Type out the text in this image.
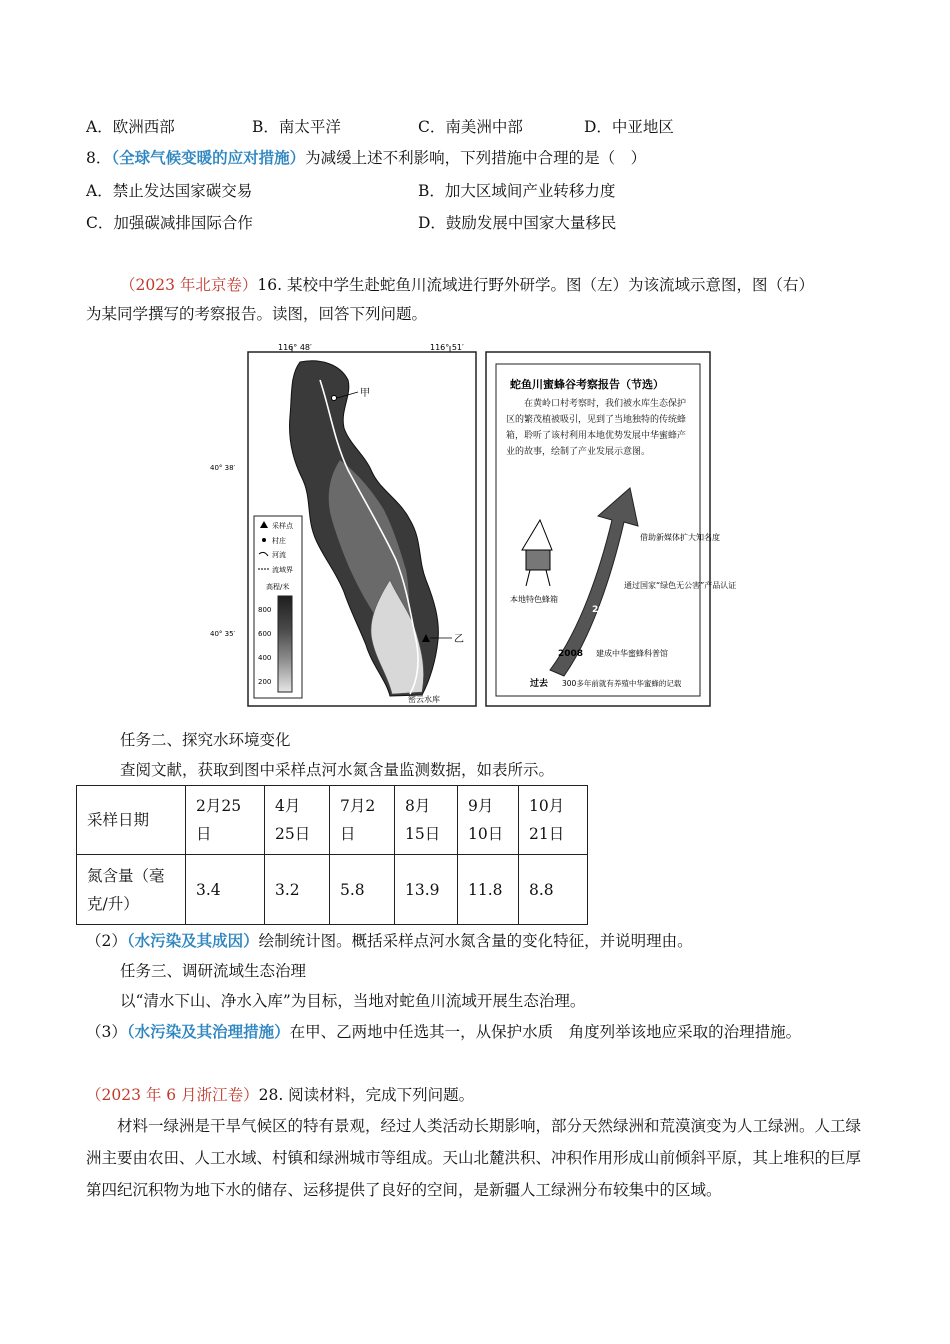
A．欧洲西部	B．南太平洋	C．南美洲中部	D．中亚地区
8．（全球气候变暖的应对措施）为减缓上述不利影响，下列措施中合理的是（　）
A．禁止发达国家碳交易	B．加大区域间产业转移力度
C．加强碳减排国际合作	D．鼓励发展中国家大量移民
（2023 年北京卷）16. 某校中学生赴蛇鱼川流域进行野外研学。图（左）为该流域示意图，图（右）
为某同学撰写的考察报告。读图，回答下列问题。
116° 48′	116° 51′
40° 38′
40° 35′
甲
乙
密云水库
采样点
村庄
河流
流域界
高程/米
800
600
400
200
蛇鱼川蜜蜂谷考察报告（节选）
在黄岭口村考察时，我们被水库生态保护区的繁茂植被吸引，见到了当地独特的传统蜂箱，聆听了该村利用本地优势发展中华蜜蜂产业的故事，绘制了产业发展示意图。
本地特色蜂箱
借助新媒体扩大知名度
通过国家“绿色无公害”产品认证
2017
2008 建成中华蜜蜂科普馆
过去 300多年前就有养殖中华蜜蜂的记载
任务二、探究水环境变化
查阅文献，获取到图中采样点河水氮含量监测数据，如表所示。
采样日期	2月25日	4月25日	7月2日	8月15日	9月10日	10月21日
氮含量（毫克/升）	3.4	3.2	5.8	13.9	11.8	8.8
（2）（水污染及其成因）绘制统计图。概括采样点河水氮含量的变化特征，并说明理由。
任务三、调研流域生态治理
以“清水下山、净水入库”为目标，当地对蛇鱼川流域开展生态治理。
（3）（水污染及其治理措施）在甲、乙两地中任选其一，从保护水质　角度列举该地应采取的治理措施。
（2023 年 6 月浙江卷）28. 阅读材料，完成下列问题。
材料一绿洲是干旱气候区的特有景观，经过人类活动长期影响，部分天然绿洲和荒漠演变为人工绿洲。人工绿洲主要由农田、人工水域、村镇和绿洲城市等组成。天山北麓洪积、冲积作用形成山前倾斜平原，其上堆积的巨厚第四纪沉积物为地下水的储存、运移提供了良好的空间，是新疆人工绿洲分布较集中的区域。
